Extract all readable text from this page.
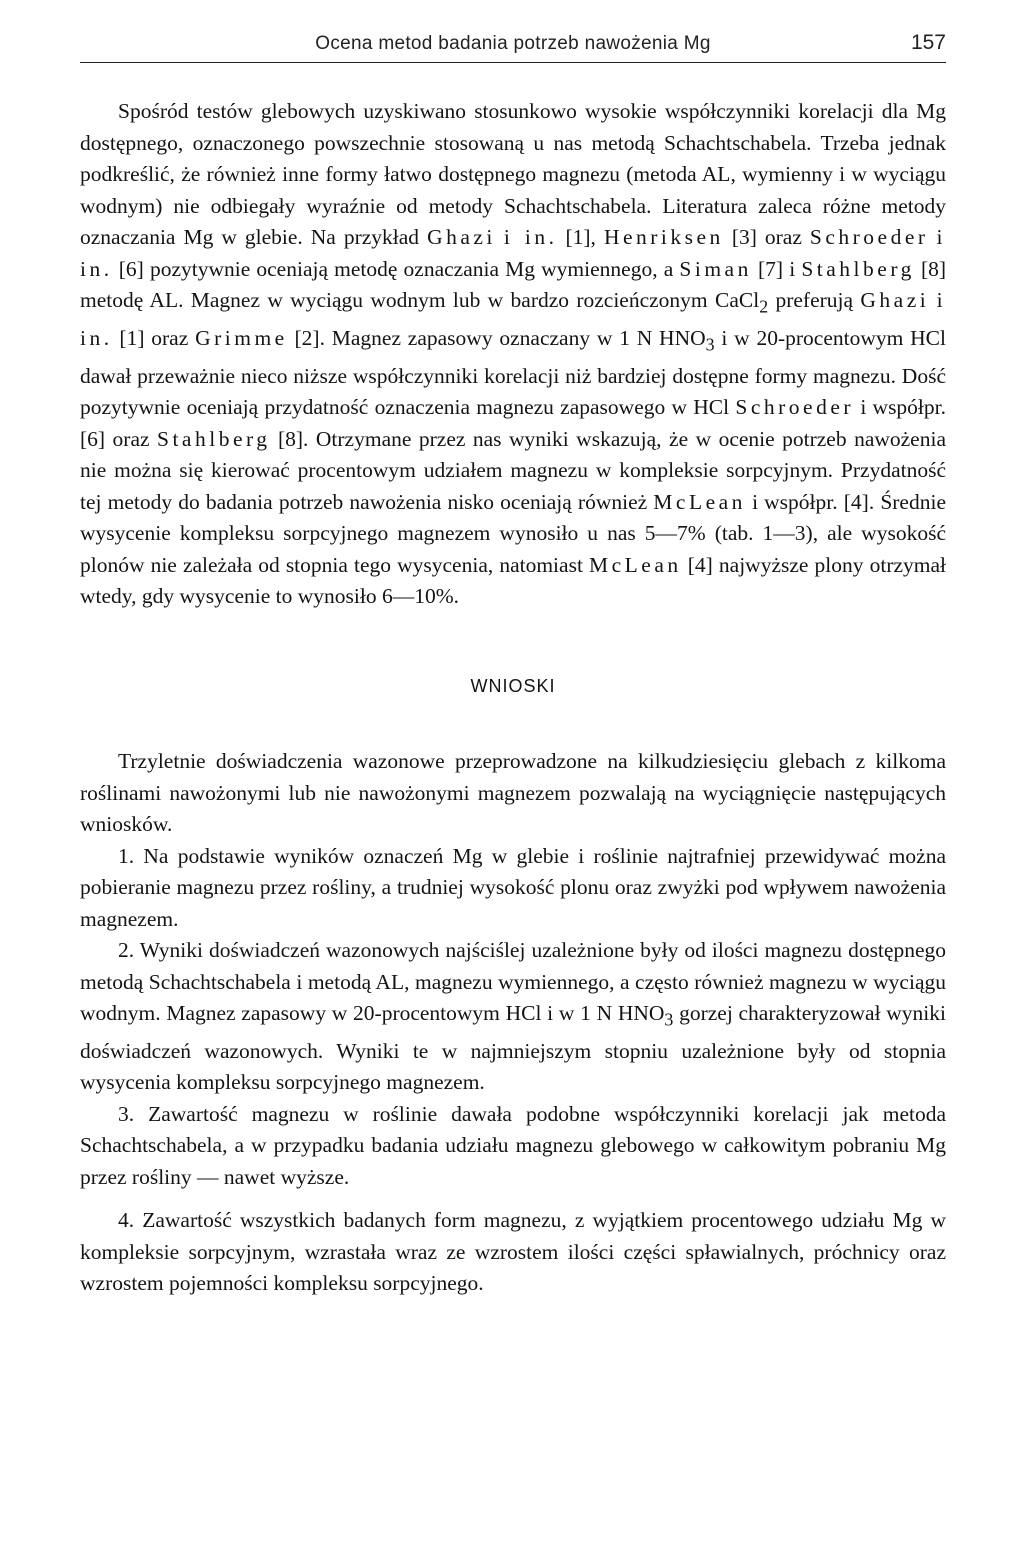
Ocena metod badania potrzeb nawożenia Mg	157

Spośród testów glebowych uzyskiwano stosunkowo wysokie współczynniki korelacji dla Mg dostępnego, oznaczonego powszechnie stosowaną u nas metodą Schachtschabela. Trzeba jednak podkreślić, że również inne formy łatwo dostępnego magnezu (metoda AL, wymienny i w wyciągu wodnym) nie odbiegały wyraźnie od metody Schachtschabela. Literatura zaleca różne metody oznaczania Mg w glebie. Na przykład Ghazi i in. [1], Henriksen [3] oraz Schroeder i in. [6] pozytywnie oceniają metodę oznaczania Mg wymiennego, a Siman [7] i Stahlberg [8] metodę AL. Magnez w wyciągu wodnym lub w bardzo rozcieńczonym CaCl$_2$ preferują Ghazi i in. [1] oraz Grimme [2]. Magnez zapasowy oznaczany w 1 N $HNO_3$ i w 20-procentowym HCl dawał przeważnie nieco niższe współczynniki korelacji niż bardziej dostępne formy magnezu. Dość pozytywnie oceniają przydatność oznaczenia magnezu zapasowego w HCl Schroeder i współpr. [6] oraz Stahlberg [8]. Otrzymane przez nas wyniki wskazują, że w ocenie potrzeb nawożenia nie można się kierować procentowym udziałem magnezu w kompleksie sorpcyjnym. Przydatność tej metody do badania potrzeb nawożenia nisko oceniają również McLean i współpr. [4]. Średnie wysycenie kompleksu sorpcyjnego magnezem wynosiło u nas 5—7% (tab. 1—3), ale wysokość plonów nie zależała od stopnia tego wysycenia, natomiast McLean [4] najwyższe plony otrzymał wtedy, gdy wysycenie to wynosiło 6—10%.

WNIOSKI

Trzyletnie doświadczenia wazonowe przeprowadzone na kilkudziesięciu glebach z kilkoma roślinami nawożonymi lub nie nawożonymi magnezem pozwalają na wyciągnięcie następujących wniosków.

1. Na podstawie wyników oznaczeń Mg w glebie i roślinie najtrafniej przewidywać można pobieranie magnezu przez rośliny, a trudniej wysokość plonu oraz zwyżki pod wpływem nawożenia magnezem.

2. Wyniki doświadczeń wazonowych najściślej uzależnione były od ilości magnezu dostępnego metodą Schachtschabela i metodą AL, magnezu wymiennego, a często również magnezu w wyciągu wodnym. Magnez zapasowy w 20-procentowym HCl i w 1 N $HNO_3$ gorzej charakteryzował wyniki doświadczeń wazonowych. Wyniki te w najmniejszym stopniu uzależnione były od stopnia wysycenia kompleksu sorpcyjnego magnezem.

3. Zawartość magnezu w roślinie dawała podobne współczynniki korelacji jak metoda Schachtschabela, a w przypadku badania udziału magnezu glebowego w całkowitym pobraniu Mg przez rośliny — nawet wyższe.

4. Zawartość wszystkich badanych form magnezu, z wyjątkiem procentowego udziału Mg w kompleksie sorpcyjnym, wzrastała wraz ze wzrostem ilości części spławialnych, próchnicy oraz wzrostem pojemności kompleksu sorpcyjnego.
